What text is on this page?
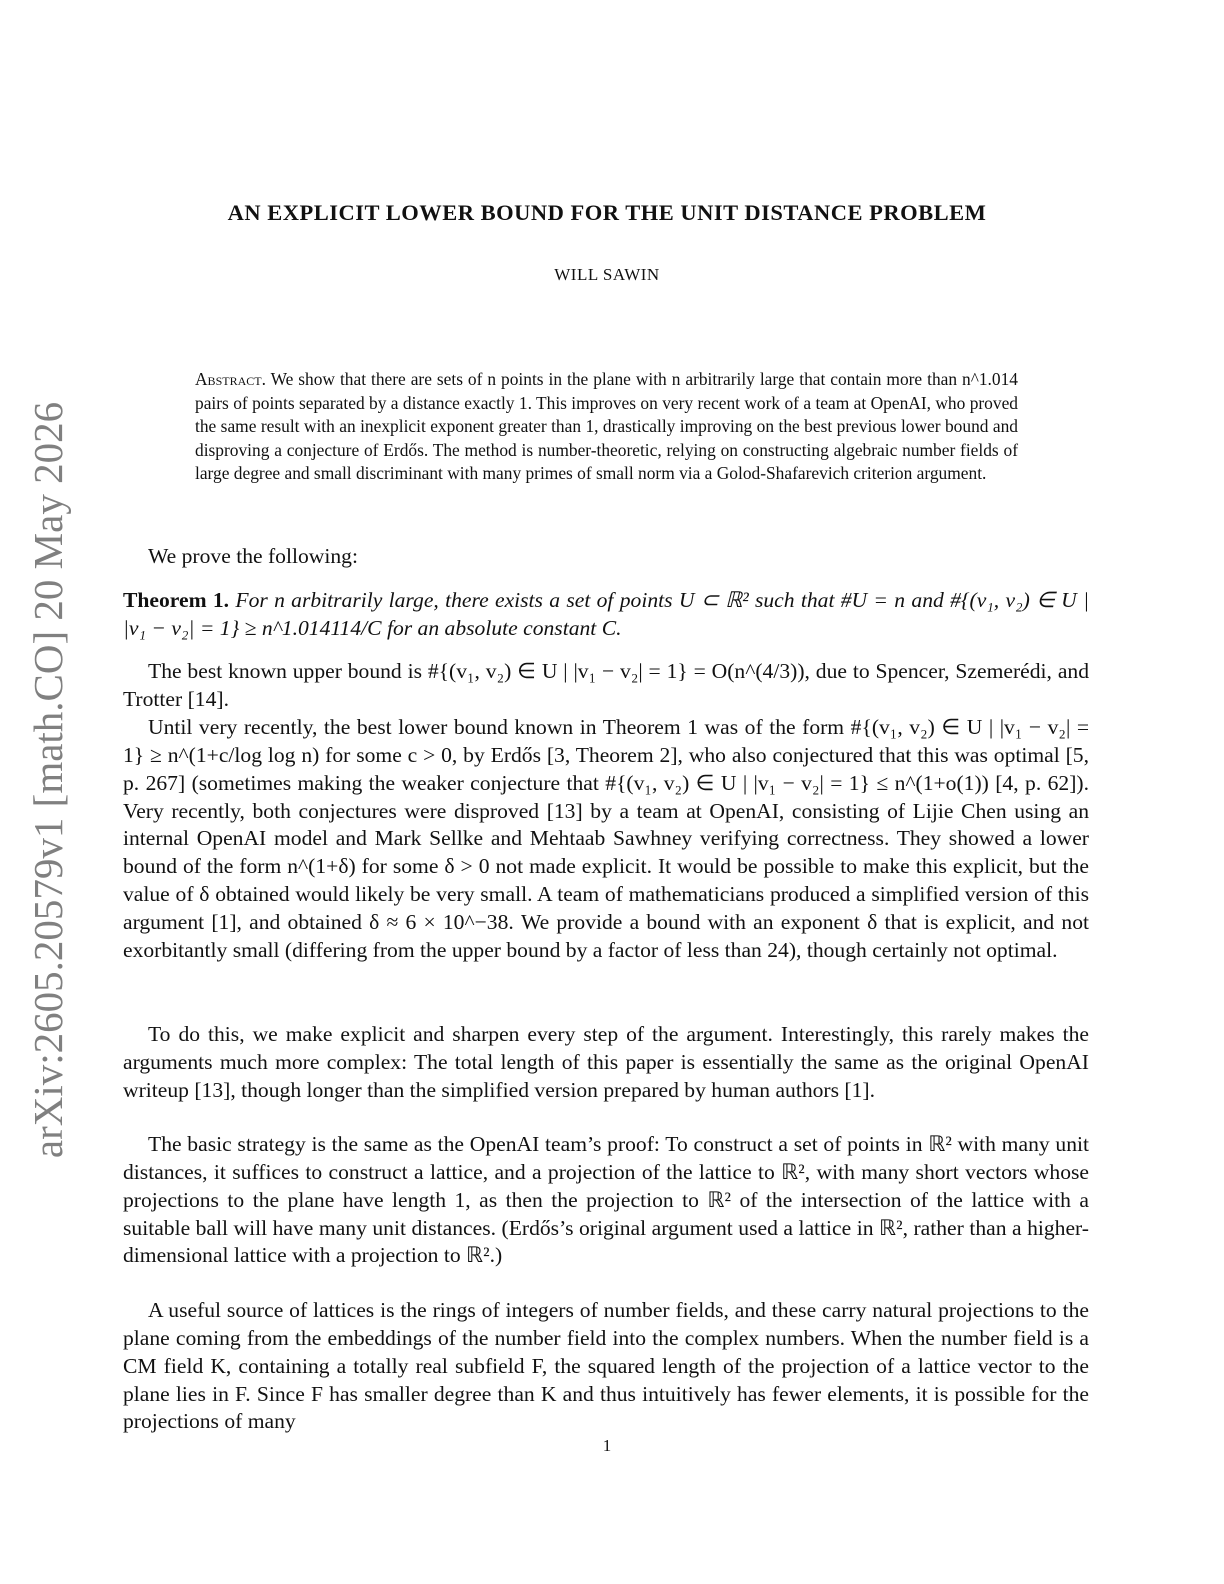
arXiv:2605.20579v1 [math.CO] 20 May 2026
AN EXPLICIT LOWER BOUND FOR THE UNIT DISTANCE PROBLEM
WILL SAWIN

Abstract. We show that there are sets of n points in the plane with n arbitrarily large that contain more than n^1.014 pairs of points separated by a distance exactly 1. This improves on very recent work of a team at OpenAI, who proved the same result with an inexplicit exponent greater than 1, drastically improving on the best previous lower bound and disproving a conjecture of Erdős. The method is number-theoretic, relying on constructing algebraic number fields of large degree and small discriminant with many primes of small norm via a Golod-Shafarevich criterion argument.

We prove the following:

Theorem 1. For n arbitrarily large, there exists a set of points U ⊂ ℝ² such that #U = n and #{(v₁, v₂) ∈ U | |v₁ − v₂| = 1} ≥ n^1.014114/C for an absolute constant C.

The best known upper bound is #{(v₁, v₂) ∈ U | |v₁ − v₂| = 1} = O(n^(4/3)), due to Spencer, Szemerédi, and Trotter [14].

Until very recently, the best lower bound known in Theorem 1 was of the form #{(v₁, v₂) ∈ U | |v₁ − v₂| = 1} ≥ n^(1+c/log log n) for some c > 0, by Erdős [3, Theorem 2], who also conjectured that this was optimal [5, p. 267] (sometimes making the weaker conjecture that #{(v₁, v₂) ∈ U | |v₁ − v₂| = 1} ≤ n^(1+o(1)) [4, p. 62]). Very recently, both conjectures were disproved [13] by a team at OpenAI, consisting of Lijie Chen using an internal OpenAI model and Mark Sellke and Mehtaab Sawhney verifying correctness. They showed a lower bound of the form n^(1+δ) for some δ > 0 not made explicit. It would be possible to make this explicit, but the value of δ obtained would likely be very small. A team of mathematicians produced a simplified version of this argument [1], and obtained δ ≈ 6 × 10^−38. We provide a bound with an exponent δ that is explicit, and not exorbitantly small (differing from the upper bound by a factor of less than 24), though certainly not optimal.

To do this, we make explicit and sharpen every step of the argument. Interestingly, this rarely makes the arguments much more complex: The total length of this paper is essentially the same as the original OpenAI writeup [13], though longer than the simplified version prepared by human authors [1].

The basic strategy is the same as the OpenAI team’s proof: To construct a set of points in ℝ² with many unit distances, it suffices to construct a lattice, and a projection of the lattice to ℝ², with many short vectors whose projections to the plane have length 1, as then the projection to ℝ² of the intersection of the lattice with a suitable ball will have many unit distances. (Erdős’s original argument used a lattice in ℝ², rather than a higher-dimensional lattice with a projection to ℝ².)

A useful source of lattices is the rings of integers of number fields, and these carry natural projections to the plane coming from the embeddings of the number field into the complex numbers. When the number field is a CM field K, containing a totally real subfield F, the squared length of the projection of a lattice vector to the plane lies in F. Since F has smaller degree than K and thus intuitively has fewer elements, it is possible for the projections of many

1
